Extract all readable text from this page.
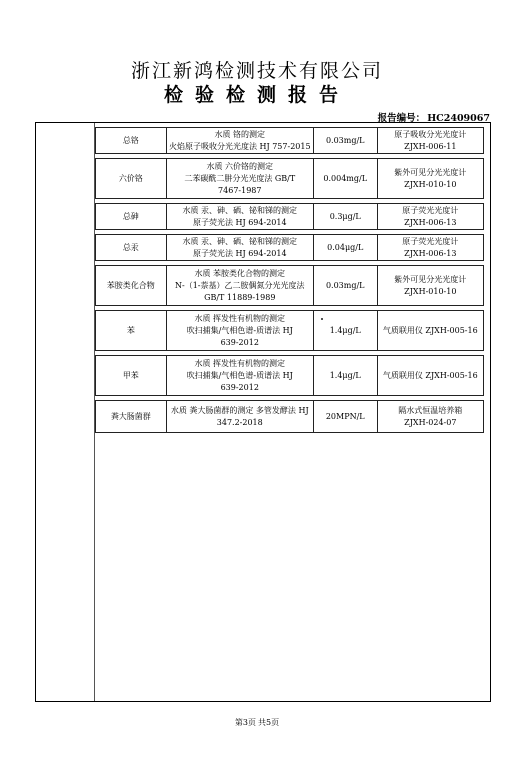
浙江新鸿检测技术有限公司
检验检测报告
报告编号： HC2409067
总铬
水质 铬的测定
火焰原子吸收分光光度法 HJ 757-2015
0.03mg/L
原子吸收分光光度计
ZJXH-006-11
六价铬
水质 六价铬的测定
二苯碳酰二肼分光光度法 GB/T
7467-1987
0.004mg/L
紫外可见分光光度计
ZJXH-010-10
总砷
水质 汞、砷、硒、铋和锑的测定
原子荧光法 HJ 694-2014
0.3μg/L
原子荧光光度计
ZJXH-006-13
总汞
水质 汞、砷、硒、铋和锑的测定
原子荧光法 HJ 694-2014
0.04μg/L
原子荧光光度计
ZJXH-006-13
苯胺类化合物
水质 苯胺类化合物的测定
N-（1-萘基）乙二胺偶氮分光光度法
GB/T 11889-1989
0.03mg/L
紫外可见分光光度计
ZJXH-010-10
苯
水质 挥发性有机物的测定
吹扫捕集/气相色谱-质谱法 HJ
639-2012
1.4μg/L	气质联用仪 ZJXH-005-16
甲苯
水质 挥发性有机物的测定
吹扫捕集/气相色谱-质谱法 HJ
639-2012
1.4μg/L	气质联用仪 ZJXH-005-16
粪大肠菌群
水质 粪大肠菌群的测定 多管发酵法 HJ
347.2-2018
20MPN/L
隔水式恒温培养箱
ZJXH-024-07
第3页 共5页
